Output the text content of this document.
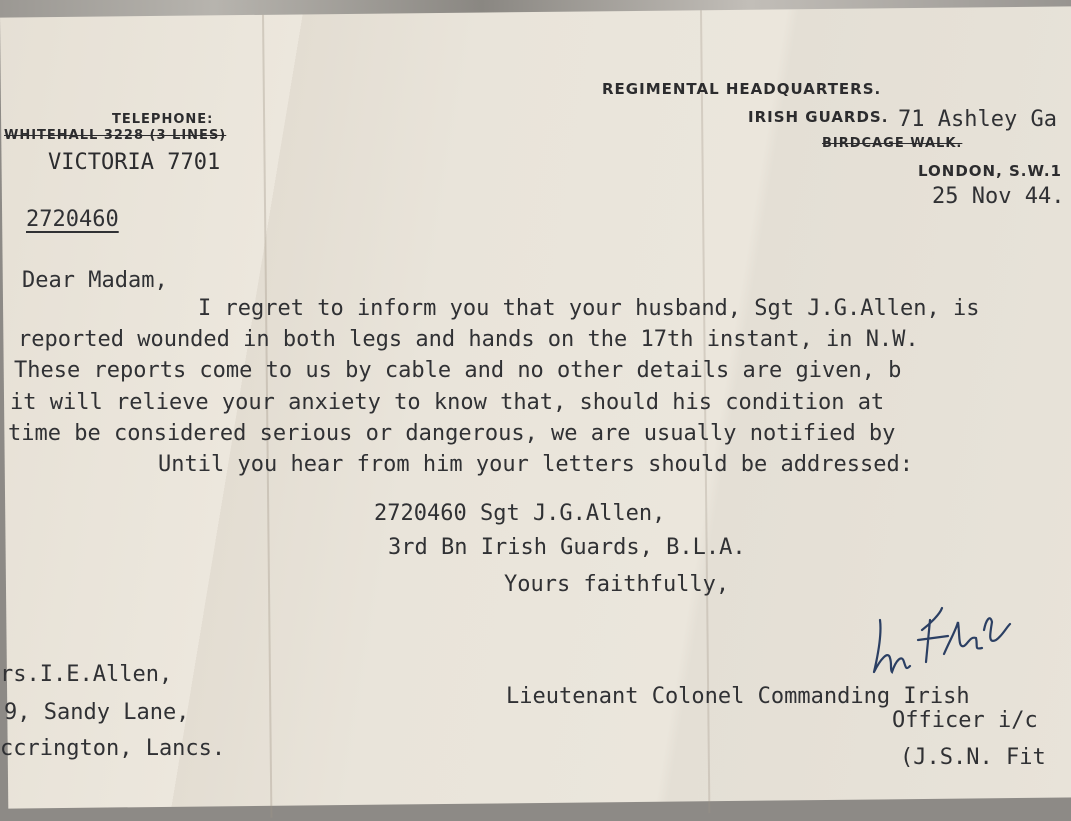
TELEPHONE:
WHITEHALL 3228 (3 LINES)
VICTORIA 7701
REGIMENTAL HEADQUARTERS.
IRISH GUARDS. 71 Ashley Ga
BIRDCAGE WALK.
LONDON, S.W.1
25 Nov 44.
2720460
Dear Madam,
I regret to inform you that your husband, Sgt J.G.Allen, is
reported wounded in both legs and hands on the 17th instant, in N.W.
These reports come to us by cable and no other details are given, b
it will relieve your anxiety to know that, should his condition at
time be considered serious or dangerous, we are usually notified by
Until you hear from him your letters should be addressed:
2720460 Sgt J.G.Allen,
3rd Bn Irish Guards, B.L.A.
Yours faithfully,
rs.I.E.Allen,
9, Sandy Lane,
ccrington, Lancs.
Lieutenant Colonel Commanding Irish
Officer i/c
(J.S.N. Fit
